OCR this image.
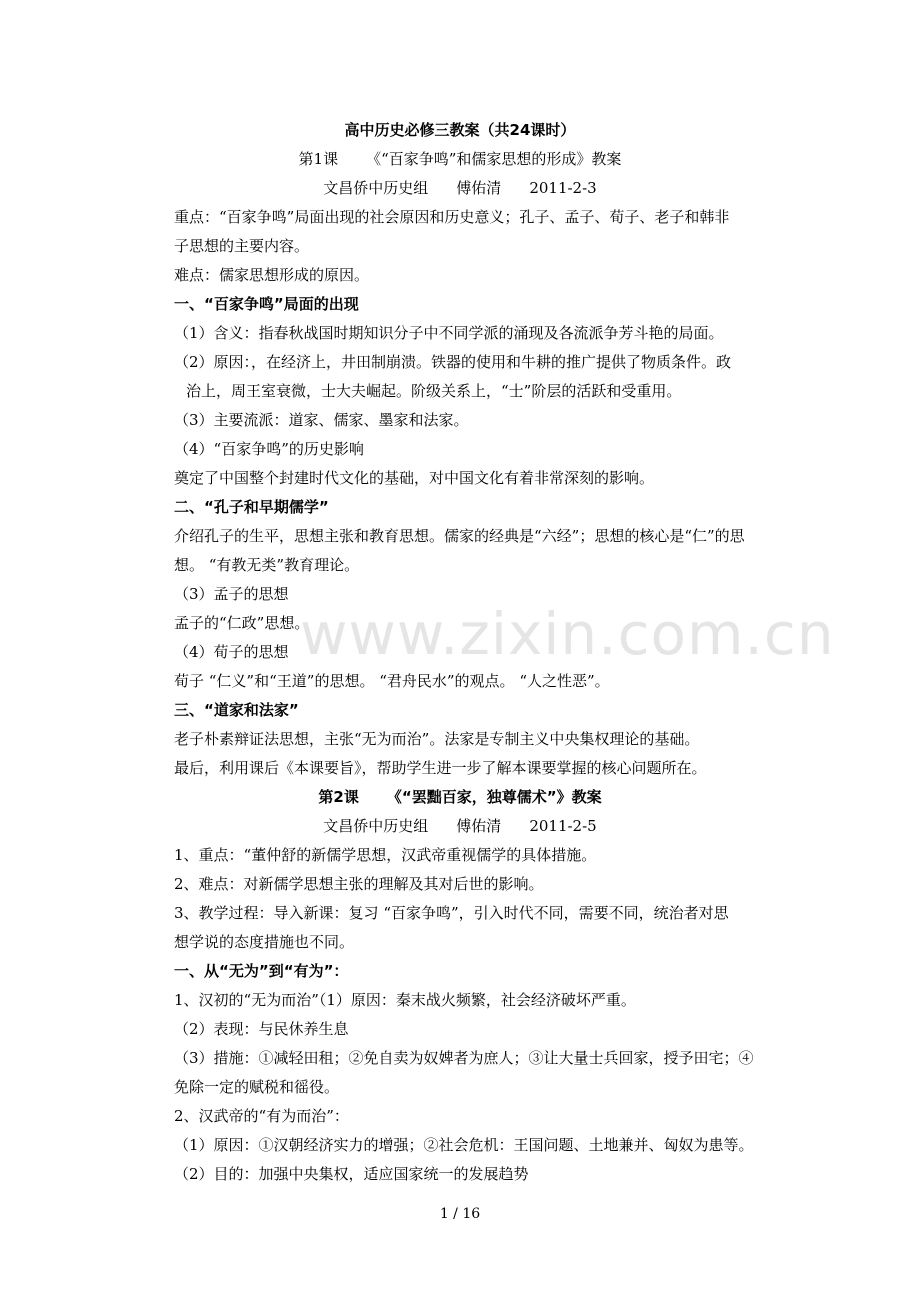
高中历史必修三教案（共24课时）
第1课 《“百家争鸣”和儒家思想的形成》教案
文昌侨中历史组 傅佑清 2011-2-3
重点：“百家争鸣”局面出现的社会原因和历史意义；孔子、孟子、荀子、老子和韩非
子思想的主要内容。
难点：儒家思想形成的原因。
一、“百家争鸣”局面的出现
（1）含义：指春秋战国时期知识分子中不同学派的涌现及各流派争芳斗艳的局面。
（2）原因：，在经济上，井田制崩溃。铁器的使用和牛耕的推广提供了物质条件。政
治上，周王室衰微，士大夫崛起。阶级关系上，“士”阶层的活跃和受重用。
（3）主要流派：道家、儒家、墨家和法家。
（4）“百家争鸣”的历史影响
奠定了中国整个封建时代文化的基础，对中国文化有着非常深刻的影响。
二、“孔子和早期儒学”
介绍孔子的生平，思想主张和教育思想。儒家的经典是“六经”；思想的核心是“仁”的思
想。 “有教无类”教育理论。
（3）孟子的思想
孟子的“仁政”思想。
（4）荀子的思想
荀子 “仁义”和“王道”的思想。 “君舟民水”的观点。 “人之性恶”。
三、“道家和法家”
老子朴素辩证法思想，主张“无为而治”。法家是专制主义中央集权理论的基础。
最后，利用课后《本课要旨》，帮助学生进一步了解本课要掌握的核心问题所在。
第2课 《“罢黜百家，独尊儒术”》教案
文昌侨中历史组 傅佑清 2011-2-5
1、重点：“董仲舒的新儒学思想，汉武帝重视儒学的具体措施。
2、难点：对新儒学思想主张的理解及其对后世的影响。
3、教学过程：导入新课：复习 “百家争鸣”，引入时代不同，需要不同，统治者对思
想学说的态度措施也不同。
一、从“无为”到“有为”：
1、汉初的“无为而治”（1）原因：秦末战火频繁，社会经济破坏严重。
（2）表现：与民休养生息
（3）措施：①减轻田租；②免自卖为奴婢者为庶人；③让大量士兵回家，授予田宅；④
免除一定的赋税和徭役。
2、汉武帝的“有为而治”：
（1）原因：①汉朝经济实力的增强；②社会危机：王国问题、土地兼并、匈奴为患等。
（2）目的：加强中央集权，适应国家统一的发展趋势
www.zixin.com.cn
1 / 16
